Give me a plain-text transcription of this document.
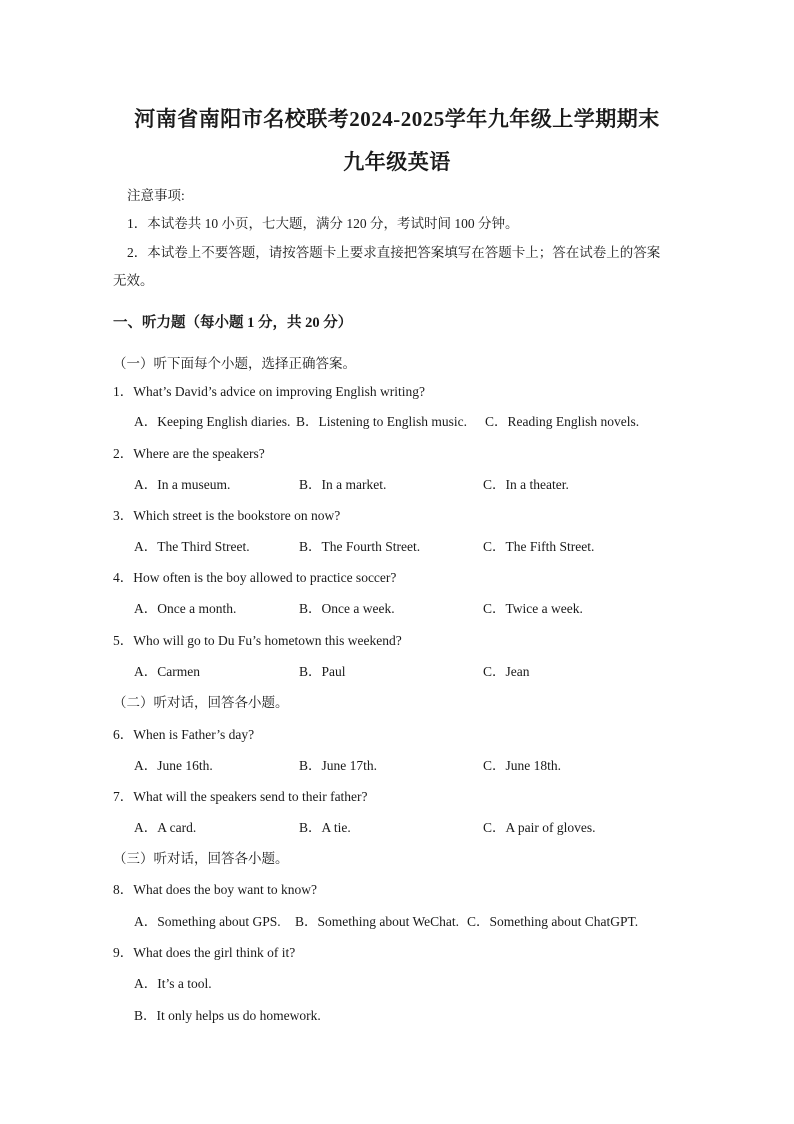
河南省南阳市名校联考2024-2025学年九年级上学期期末
九年级英语
注意事项:
1．本试卷共 10 小页，七大题，满分 120 分，考试时间 100 分钟。
2．本试卷上不要答题，请按答题卡上要求直接把答案填写在答题卡上；答在试卷上的答案
无效。
一、听力题（每小题 1 分，共 20 分）
（一）听下面每个小题，选择正确答案。
1．What’s David’s advice on improving English writing?
A．Keeping English diaries. B．Listening to English music. C．Reading English novels.
2．Where are the speakers?
A．In a museum.	B．In a market.	C．In a theater.
3．Which street is the bookstore on now?
A．The Third Street.	B．The Fourth Street.	C．The Fifth Street.
4．How often is the boy allowed to practice soccer?
A．Once a month.	B．Once a week.	C．Twice a week.
5．Who will go to Du Fu’s hometown this weekend?
A．Carmen	B．Paul	C．Jean
（二）听对话，回答各小题。
6．When is Father’s day?
A．June 16th.	B．June 17th.	C．June 18th.
7．What will the speakers send to their father?
A．A card.	B．A tie.	C．A pair of gloves.
（三）听对话，回答各小题。
8．What does the boy want to know?
A．Something about GPS. B．Something about WeChat. C．Something about ChatGPT.
9．What does the girl think of it?
A．It’s a tool.
B．It only helps us do homework.
